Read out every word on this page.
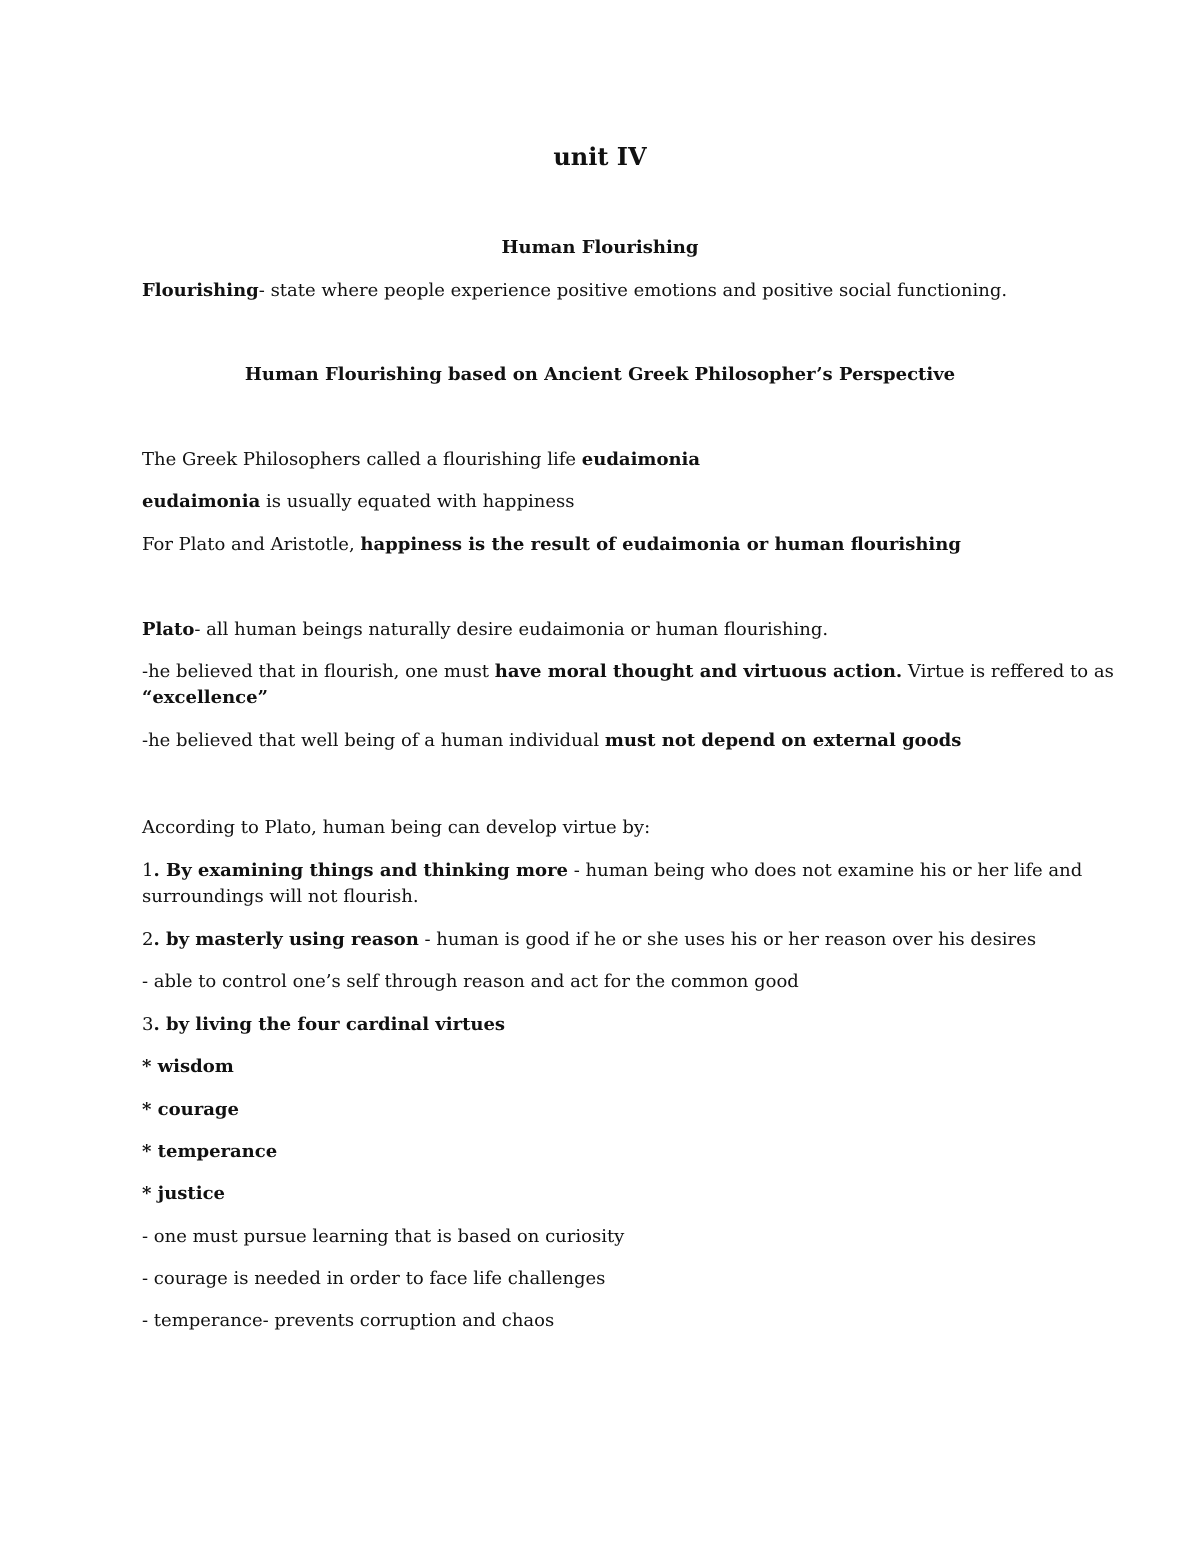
unit IV
Human Flourishing
Flourishing- state where people experience positive emotions and positive social functioning.
Human Flourishing based on Ancient Greek Philosopher’s Perspective
The Greek Philosophers called a flourishing life eudaimonia
eudaimonia is usually equated with happiness
For Plato and Aristotle, happiness is the result of eudaimonia or human flourishing
Plato- all human beings naturally desire eudaimonia or human flourishing.
-he believed that in flourish, one must have moral thought and virtuous action. Virtue is reffered to as
“excellence”
-he believed that well being of a human individual must not depend on external goods
According to Plato, human being can develop virtue by:
1. By examining things and thinking more - human being who does not examine his or her life and
surroundings will not flourish.
2. by masterly using reason - human is good if he or she uses his or her reason over his desires
- able to control one’s self through reason and act for the common good
3. by living the four cardinal virtues
* wisdom
* courage
* temperance
* justice
- one must pursue learning that is based on curiosity
- courage is needed in order to face life challenges
- temperance- prevents corruption and chaos
